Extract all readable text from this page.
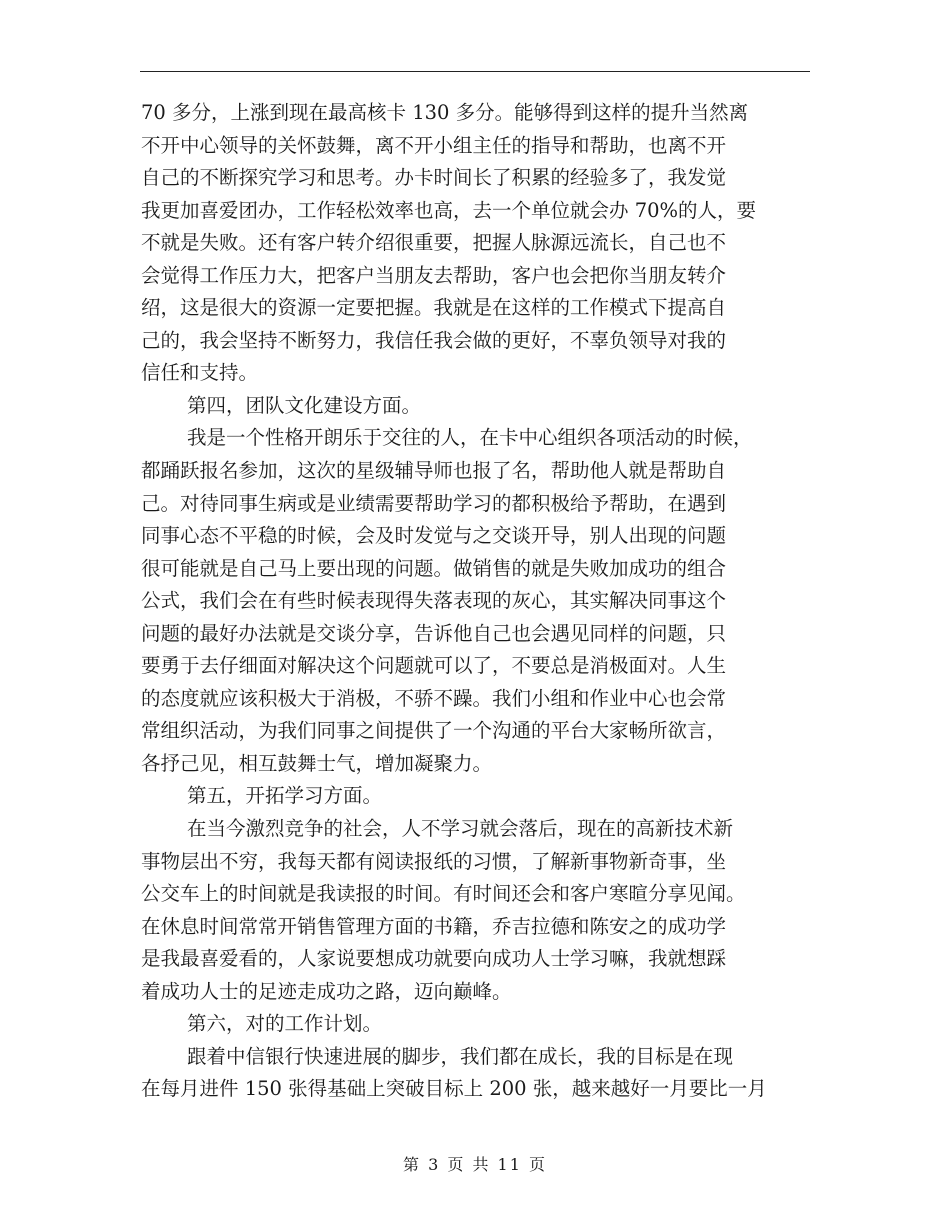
70 多分，上涨到现在最高核卡 130 多分。能够得到这样的提升当然离
不开中心领导的关怀鼓舞，离不开小组主任的指导和帮助，也离不开
自己的不断探究学习和思考。办卡时间长了积累的经验多了，我发觉
我更加喜爱团办，工作轻松效率也高，去一个单位就会办 70%的人，要
不就是失败。还有客户转介绍很重要，把握人脉源远流长，自己也不
会觉得工作压力大，把客户当朋友去帮助，客户也会把你当朋友转介
绍，这是很大的资源一定要把握。我就是在这样的工作模式下提高自
己的，我会坚持不断努力，我信任我会做的更好，不辜负领导对我的
信任和支持。
第四，团队文化建设方面。
我是一个性格开朗乐于交往的人，在卡中心组织各项活动的时候，
都踊跃报名参加，这次的星级辅导师也报了名，帮助他人就是帮助自
己。对待同事生病或是业绩需要帮助学习的都积极给予帮助，在遇到
同事心态不平稳的时候，会及时发觉与之交谈开导，别人出现的问题
很可能就是自己马上要出现的问题。做销售的就是失败加成功的组合
公式，我们会在有些时候表现得失落表现的灰心，其实解决同事这个
问题的最好办法就是交谈分享，告诉他自己也会遇见同样的问题，只
要勇于去仔细面对解决这个问题就可以了，不要总是消极面对。人生
的态度就应该积极大于消极，不骄不躁。我们小组和作业中心也会常
常组织活动，为我们同事之间提供了一个沟通的平台大家畅所欲言，
各抒己见，相互鼓舞士气，增加凝聚力。
第五，开拓学习方面。
在当今激烈竞争的社会，人不学习就会落后，现在的高新技术新
事物层出不穷，我每天都有阅读报纸的习惯，了解新事物新奇事，坐
公交车上的时间就是我读报的时间。有时间还会和客户寒暄分享见闻。
在休息时间常常开销售管理方面的书籍，乔吉拉德和陈安之的成功学
是我最喜爱看的，人家说要想成功就要向成功人士学习嘛，我就想踩
着成功人士的足迹走成功之路，迈向巅峰。
第六，对的工作计划。
跟着中信银行快速进展的脚步，我们都在成长，我的目标是在现
在每月进件 150 张得基础上突破目标上 200 张，越来越好一月要比一月
第 3 页 共 11 页
